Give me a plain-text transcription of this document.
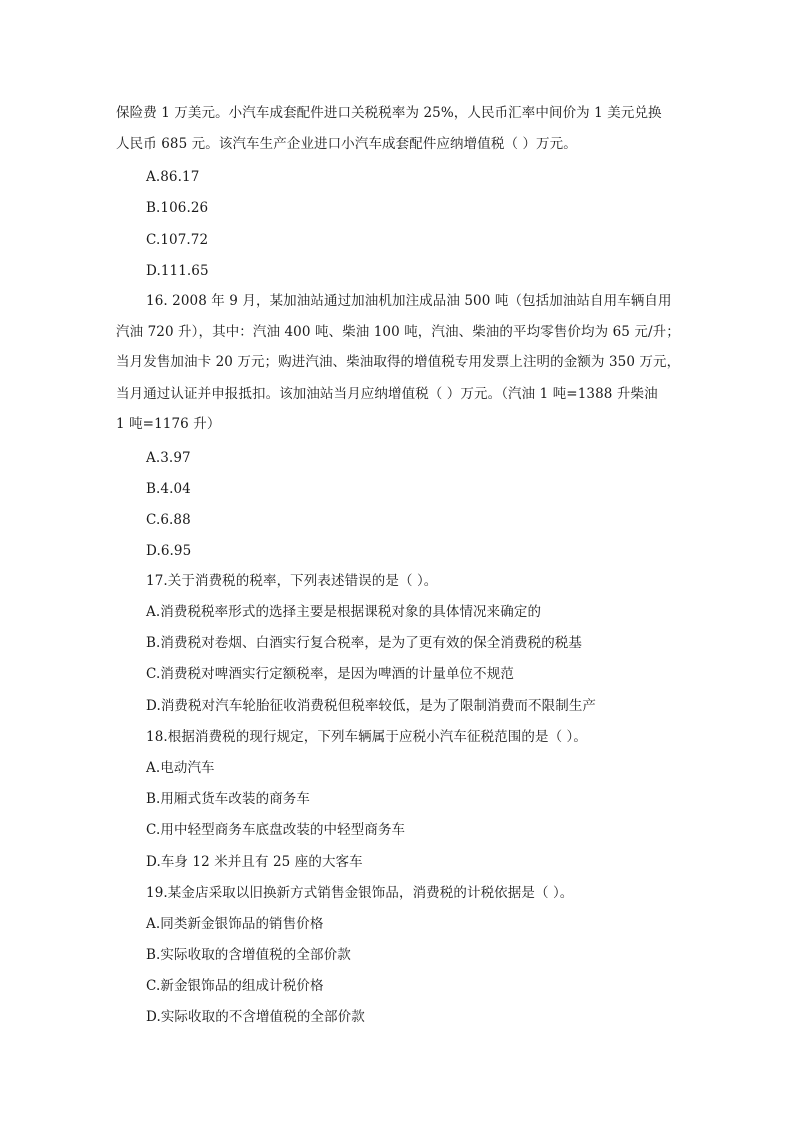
保险费 1 万美元。小汽车成套配件进口关税税率为 25%，人民币汇率中间价为 1 美元兑换
人民币 685 元。该汽车生产企业进口小汽车成套配件应纳增值税（ ）万元。
A.86.17
B.106.26
C.107.72
D.111.65
16. 2008 年 9 月，某加油站通过加油机加注成品油 500 吨（包括加油站自用车辆自用
汽油 720 升），其中：汽油 400 吨、柴油 100 吨，汽油、柴油的平均零售价均为 65 元/升；
当月发售加油卡 20 万元；购进汽油、柴油取得的增值税专用发票上注明的金额为 350 万元，
当月通过认证并申报抵扣。该加油站当月应纳增值税（ ）万元。（汽油 1 吨=1388 升柴油
1 吨=1176 升）
A.3.97
B.4.04
C.6.88
D.6.95
17.关于消费税的税率，下列表述错误的是（ ）。
A.消费税税率形式的选择主要是根据课税对象的具体情况来确定的
B.消费税对卷烟、白酒实行复合税率，是为了更有效的保全消费税的税基
C.消费税对啤酒实行定额税率，是因为啤酒的计量单位不规范
D.消费税对汽车轮胎征收消费税但税率较低，是为了限制消费而不限制生产
18.根据消费税的现行规定，下列车辆属于应税小汽车征税范围的是（ ）。
A.电动汽车
B.用厢式货车改装的商务车
C.用中轻型商务车底盘改装的中轻型商务车
D.车身 12 米并且有 25 座的大客车
19.某金店采取以旧换新方式销售金银饰品，消费税的计税依据是（ ）。
A.同类新金银饰品的销售价格
B.实际收取的含增值税的全部价款
C.新金银饰品的组成计税价格
D.实际收取的不含增值税的全部价款
